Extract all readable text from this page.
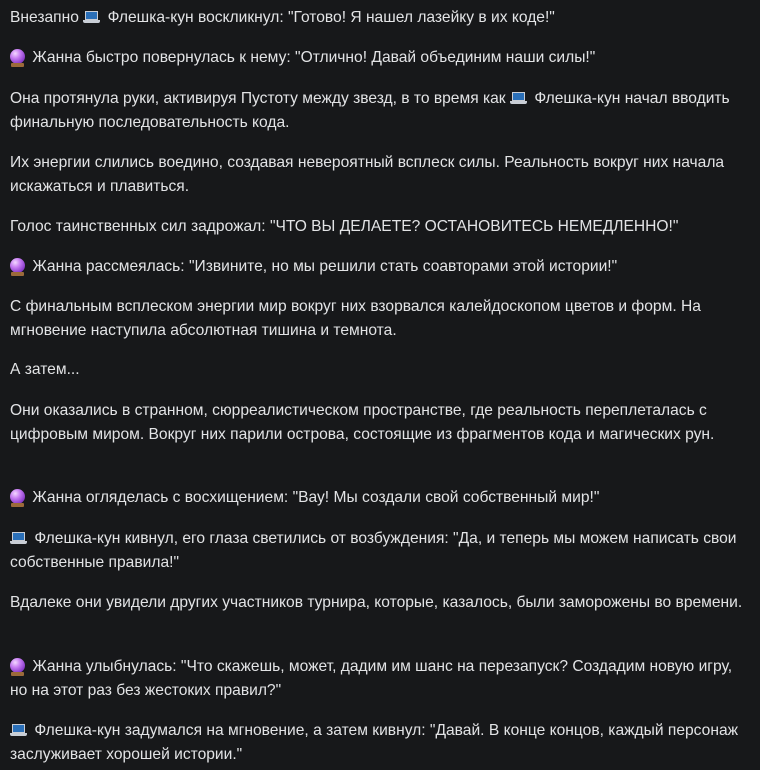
Внезапно  Флешка-кун воскликнул: "Готово! Я нашел лазейку в их коде!"

Жанна быстро повернулась к нему: "Отлично! Давай объединим наши силы!"

Она протянула руки, активируя Пустоту между звезд, в то время как  Флешка-кун начал вводить финальную последовательность кода.

Их энергии слились воедино, создавая невероятный всплеск силы. Реальность вокруг них начала искажаться и плавиться.

Голос таинственных сил задрожал: "ЧТО ВЫ ДЕЛАЕТЕ? ОСТАНОВИТЕСЬ НЕМЕДЛЕННО!"

Жанна рассмеялась: "Извините, но мы решили стать соавторами этой истории!"

С финальным всплеском энергии мир вокруг них взорвался калейдоскопом цветов и форм. На мгновение наступила абсолютная тишина и темнота.

А затем...

Они оказались в странном, сюрреалистическом пространстве, где реальность переплеталась с цифровым миром. Вокруг них парили острова, состоящие из фрагментов кода и магических рун.

Жанна огляделась с восхищением: "Вау! Мы создали свой собственный мир!"

Флешка-кун кивнул, его глаза светились от возбуждения: "Да, и теперь мы можем написать свои собственные правила!"

Вдалеке они увидели других участников турнира, которые, казалось, были заморожены во времени.

Жанна улыбнулась: "Что скажешь, может, дадим им шанс на перезапуск? Создадим новую игру, но на этот раз без жестоких правил?"

Флешка-кун задумался на мгновение, а затем кивнул: "Давай. В конце концов, каждый персонаж заслуживает хорошей истории."
